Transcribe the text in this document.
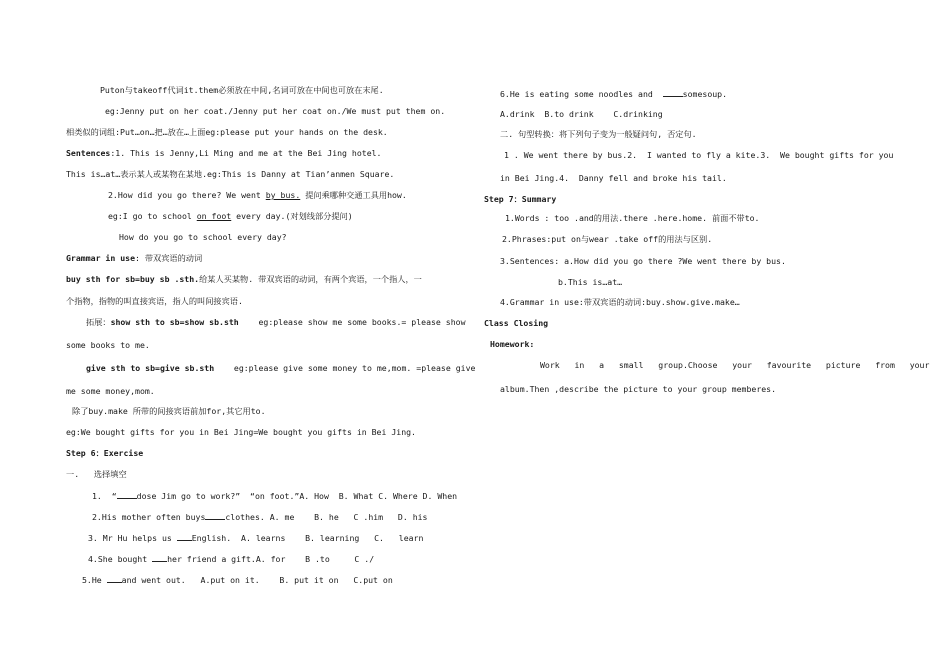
Puton与takeoff代词it.them必须放在中间,名词可放在中间也可放在末尾.
eg:Jenny put on her coat./Jenny put her coat on./We must put them on.
相类似的词组:Put…on…把…放在…上面eg:please put your hands on the desk.
Sentences:1. This is Jenny,Li Ming and me at the Bei Jing hotel.
This is…at…表示某人或某物在某地.eg:This is Danny at Tian’anmen Square.
2.How did you go there? We went by bus. 提问乘哪种交通工具用how.
eg:I go to school on foot every day.(对划线部分提问)
How do you go to school every day?
Grammar in use: 带双宾语的动词
buy sth for sb=buy sb .sth.给某人买某物. 带双宾语的动词，有两个宾语，一个指人，一
个指物，指物的叫直接宾语，指人的叫间接宾语.
拓展：show sth to sb=show sb.sth    eg:please show me some books.= please show
some books to me.
give sth to sb=give sb.sth    eg:please give some money to me,mom. =please give
me some money,mom.
除了buy.make 所带的间接宾语前加for,其它用to.
eg:We bought gifts for you in Bei Jing=We bought you gifts in Bei Jing.
Step 6：Exercise
一.   选择填空
1.  “ dose Jim go to work?”  “on foot.”A. How  B. What C. Where D. When
2.His mother often buys clothes. A. me    B. he   C .him   D. his
3. Mr Hu helps us English.  A. learns    B. learning   C.   learn
4.She bought her friend a gift.A. for    B .to     C ./
5.He and went out.   A.put on it.    B. put it on   C.put on
6.He is eating some noodles and  somesoup.
A.drink  B.to drink    C.drinking
二. 句型转换：将下列句子变为一般疑问句, 否定句.
1 . We went there by bus.2.  I wanted to fly a kite.3.  We bought gifts for you
in Bei Jing.4.  Danny fell and broke his tail.
Step 7：Summary
1.Words : too .and的用法.there .here.home. 前面不带to.
2.Phrases:put on与wear .take off的用法与区别.
3.Sentences: a.How did you go there ?We went there by bus.
b.This is…at…
4.Grammar in use:带双宾语的动词:buy.show.give.make…
Class Closing
Homework:
Work   in   a   small   group.Choose   your   favourite   picture   from   your
album.Then ,describe the picture to your group memberes.
